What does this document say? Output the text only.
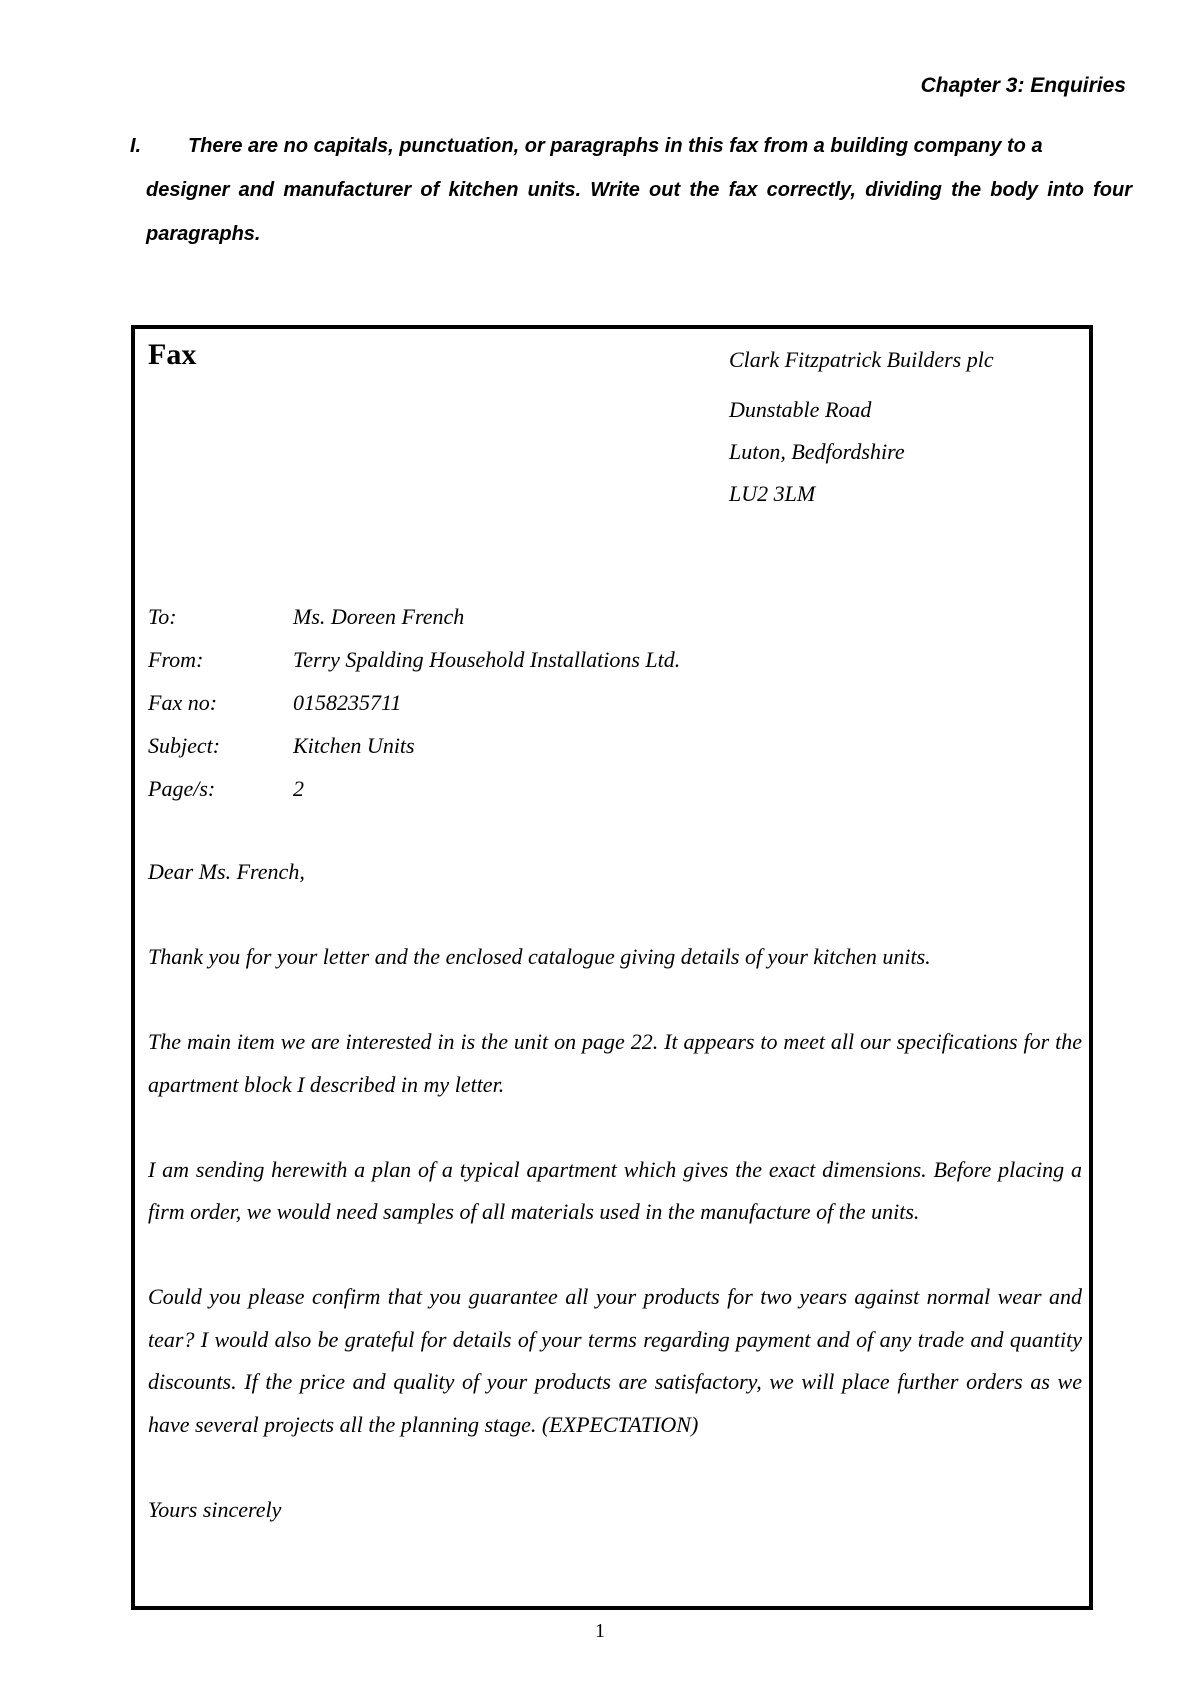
Chapter 3: Enquiries
I. There are no capitals, punctuation, or paragraphs in this fax from a building company to a
designer and manufacturer of kitchen units. Write out the fax correctly, dividing the body into four paragraphs.
Fax	Clark Fitzpatrick Builders plc
Dunstable Road
Luton, Bedfordshire
LU2 3LM
To:	Ms. Doreen French
From:	Terry Spalding Household Installations Ltd.
Fax no:	0158235711
Subject:	Kitchen Units
Page/s:	2

Dear Ms. French,

Thank you for your letter and the enclosed catalogue giving details of your kitchen units.

The main item we are interested in is the unit on page 22. It appears to meet all our specifications for the apartment block I described in my letter.

I am sending herewith a plan of a typical apartment which gives the exact dimensions. Before placing a firm order, we would need samples of all materials used in the manufacture of the units.

Could you please confirm that you guarantee all your products for two years against normal wear and tear? I would also be grateful for details of your terms regarding payment and of any trade and quantity discounts. If the price and quality of your products are satisfactory, we will place further orders as we have several projects all the planning stage. (EXPECTATION)

Yours sincerely

1
